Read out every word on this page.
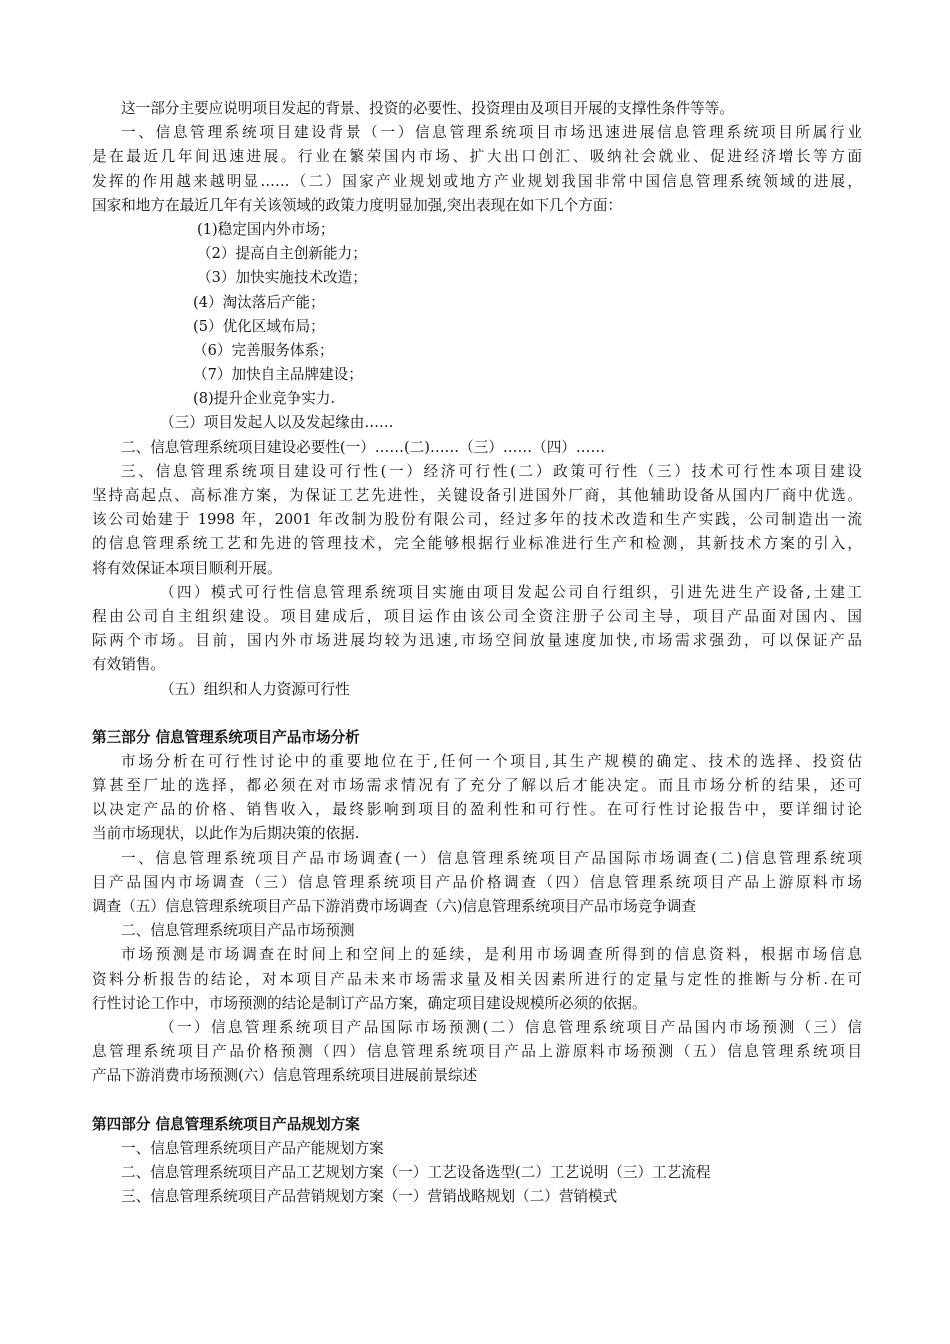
这一部分主要应说明项目发起的背景、投资的必要性、投资理由及项目开展的支撑性条件等等。
一、信息管理系统项目建设背景（一）信息管理系统项目市场迅速进展信息管理系统项目所属行业
是在最近几年间迅速进展。行业在繁荣国内市场、扩大出口创汇、吸纳社会就业、促进经济增长等方面
发挥的作用越来越明显……（二）国家产业规划或地方产业规划我国非常中国信息管理系统领域的进展，
国家和地方在最近几年有关该领域的政策力度明显加强,突出表现在如下几个方面：
(1)稳定国内外市场；
（2）提高自主创新能力；
（3）加快实施技术改造；
(4）淘汰落后产能；
(5）优化区域布局；
（6）完善服务体系；
（7）加快自主品牌建设；
(8)提升企业竞争实力.
（三）项目发起人以及发起缘由……
二、信息管理系统项目建设必要性(一）……(二)……（三）……（四）……
三、信息管理系统项目建设可行性(一）经济可行性(二）政策可行性（三）技术可行性本项目建设
坚持高起点、高标准方案，为保证工艺先进性，关键设备引进国外厂商，其他辅助设备从国内厂商中优选。
该公司始建于 1998 年，2001 年改制为股份有限公司，经过多年的技术改造和生产实践，公司制造出一流
的信息管理系统工艺和先进的管理技术，完全能够根据行业标准进行生产和检测，其新技术方案的引入，
将有效保证本项目顺利开展。
（四）模式可行性信息管理系统项目实施由项目发起公司自行组织，引进先进生产设备,土建工
程由公司自主组织建设。项目建成后，项目运作由该公司全资注册子公司主导，项目产品面对国内、国
际两个市场。目前，国内外市场进展均较为迅速,市场空间放量速度加快,市场需求强劲，可以保证产品
有效销售。
（五）组织和人力资源可行性
第三部分 信息管理系统项目产品市场分析
市场分析在可行性讨论中的重要地位在于,任何一个项目,其生产规模的确定、技术的选择、投资估
算甚至厂址的选择，都必须在对市场需求情况有了充分了解以后才能决定。而且市场分析的结果，还可
以决定产品的价格、销售收入，最终影响到项目的盈利性和可行性。在可行性讨论报告中，要详细讨论
当前市场现状，以此作为后期决策的依据.
一、信息管理系统项目产品市场调查(一）信息管理系统项目产品国际市场调查(二)信息管理系统项
目产品国内市场调查（三）信息管理系统项目产品价格调查（四）信息管理系统项目产品上游原料市场
调查（五）信息管理系统项目产品下游消费市场调查（六)信息管理系统项目产品市场竞争调查
二、信息管理系统项目产品市场预测
市场预测是市场调查在时间上和空间上的延续，是利用市场调查所得到的信息资料，根据市场信息
资料分析报告的结论，对本项目产品未来市场需求量及相关因素所进行的定量与定性的推断与分析.在可
行性讨论工作中，市场预测的结论是制订产品方案，确定项目建设规模所必须的依据。
（一）信息管理系统项目产品国际市场预测(二）信息管理系统项目产品国内市场预测（三）信
息管理系统项目产品价格预测（四）信息管理系统项目产品上游原料市场预测（五）信息管理系统项目
产品下游消费市场预测(六）信息管理系统项目进展前景综述
第四部分 信息管理系统项目产品规划方案
一、信息管理系统项目产品产能规划方案
二、信息管理系统项目产品工艺规划方案（一）工艺设备选型(二）工艺说明（三）工艺流程
三、信息管理系统项目产品营销规划方案（一）营销战略规划（二）营销模式
